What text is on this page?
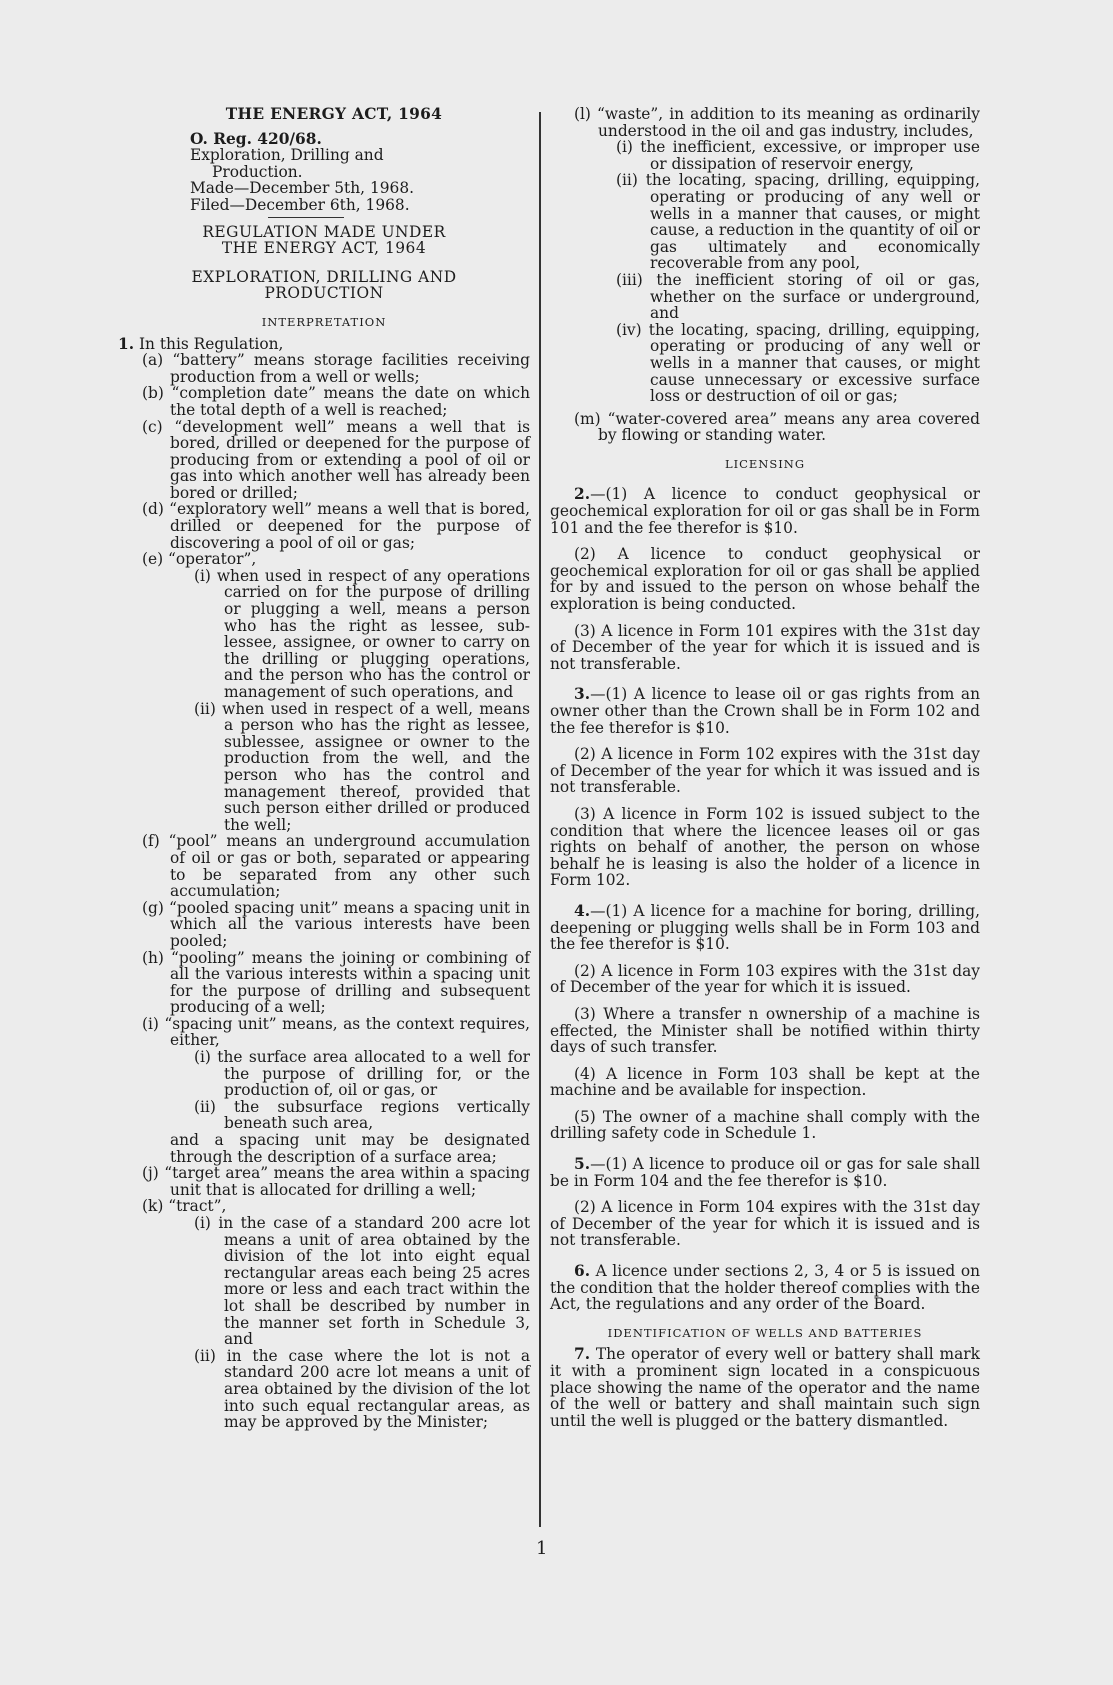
THE ENERGY ACT, 1964
O. Reg. 420/68.
Exploration, Drilling and
Production.
Made—December 5th, 1968.
Filed—December 6th, 1968.
REGULATION MADE UNDER
THE ENERGY ACT, 1964
EXPLORATION, DRILLING AND
PRODUCTION
INTERPRETATION
1. In this Regulation,
(a) “battery” means storage facilities receiving production from a well or wells;
(b) “completion date” means the date on which the total depth of a well is reached;
(c) “development well” means a well that is bored, drilled or deepened for the purpose of producing from or extending a pool of oil or gas into which another well has already been bored or drilled;
(d) “exploratory well” means a well that is bored, drilled or deepened for the purpose of discovering a pool of oil or gas;
(e) “operator”,
(i) when used in respect of any operations carried on for the purpose of drilling or plugging a well, means a person who has the right as lessee, sub-lessee, assignee, or owner to carry on the drilling or plugging operations, and the person who has the control or management of such operations, and
(ii) when used in respect of a well, means a person who has the right as lessee, sublessee, assignee or owner to the production from the well, and the person who has the control and management thereof, provided that such person either drilled or produced the well;
(f) “pool” means an underground accumulation of oil or gas or both, separated or appearing to be separated from any other such accumulation;
(g) “pooled spacing unit” means a spacing unit in which all the various interests have been pooled;
(h) “pooling” means the joining or combining of all the various interests within a spacing unit for the purpose of drilling and subsequent producing of a well;
(i) “spacing unit” means, as the context requires, either,
(i) the surface area allocated to a well for the purpose of drilling for, or the production of, oil or gas, or
(ii) the subsurface regions vertically beneath such area,
and a spacing unit may be designated through the description of a surface area;
(j) “target area” means the area within a spacing unit that is allocated for drilling a well;
(k) “tract”,
(i) in the case of a standard 200 acre lot means a unit of area obtained by the division of the lot into eight equal rectangular areas each being 25 acres more or less and each tract within the lot shall be described by number in the manner set forth in Schedule 3, and
(ii) in the case where the lot is not a standard 200 acre lot means a unit of area obtained by the division of the lot into such equal rectangular areas, as may be approved by the Minister;
(l) “waste”, in addition to its meaning as ordinarily understood in the oil and gas industry, includes,
(i) the inefficient, excessive, or improper use or dissipation of reservoir energy,
(ii) the locating, spacing, drilling, equipping, operating or producing of any well or wells in a manner that causes, or might cause, a reduction in the quantity of oil or gas ultimately and economically recoverable from any pool,
(iii) the inefficient storing of oil or gas, whether on the surface or underground, and
(iv) the locating, spacing, drilling, equipping, operating or producing of any well or wells in a manner that causes, or might cause unnecessary or excessive surface loss or destruction of oil or gas;
(m) “water-covered area” means any area covered by flowing or standing water.
LICENSING
2.—(1) A licence to conduct geophysical or geochemical exploration for oil or gas shall be in Form 101 and the fee therefor is $10.
(2) A licence to conduct geophysical or geochemical exploration for oil or gas shall be applied for by and issued to the person on whose behalf the exploration is being conducted.
(3) A licence in Form 101 expires with the 31st day of December of the year for which it is issued and is not transferable.
3.—(1) A licence to lease oil or gas rights from an owner other than the Crown shall be in Form 102 and the fee therefor is $10.
(2) A licence in Form 102 expires with the 31st day of December of the year for which it was issued and is not transferable.
(3) A licence in Form 102 is issued subject to the condition that where the licencee leases oil or gas rights on behalf of another, the person on whose behalf he is leasing is also the holder of a licence in Form 102.
4.—(1) A licence for a machine for boring, drilling, deepening or plugging wells shall be in Form 103 and the fee therefor is $10.
(2) A licence in Form 103 expires with the 31st day of December of the year for which it is issued.
(3) Where a transfer n ownership of a machine is effected, the Minister shall be notified within thirty days of such transfer.
(4) A licence in Form 103 shall be kept at the machine and be available for inspection.
(5) The owner of a machine shall comply with the drilling safety code in Schedule 1.
5.—(1) A licence to produce oil or gas for sale shall be in Form 104 and the fee therefor is $10.
(2) A licence in Form 104 expires with the 31st day of December of the year for which it is issued and is not transferable.
6. A licence under sections 2, 3, 4 or 5 is issued on the condition that the holder thereof complies with the Act, the regulations and any order of the Board.
IDENTIFICATION OF WELLS AND BATTERIES
7. The operator of every well or battery shall mark it with a prominent sign located in a conspicuous place showing the name of the operator and the name of the well or battery and shall maintain such sign until the well is plugged or the battery dismantled.
1
